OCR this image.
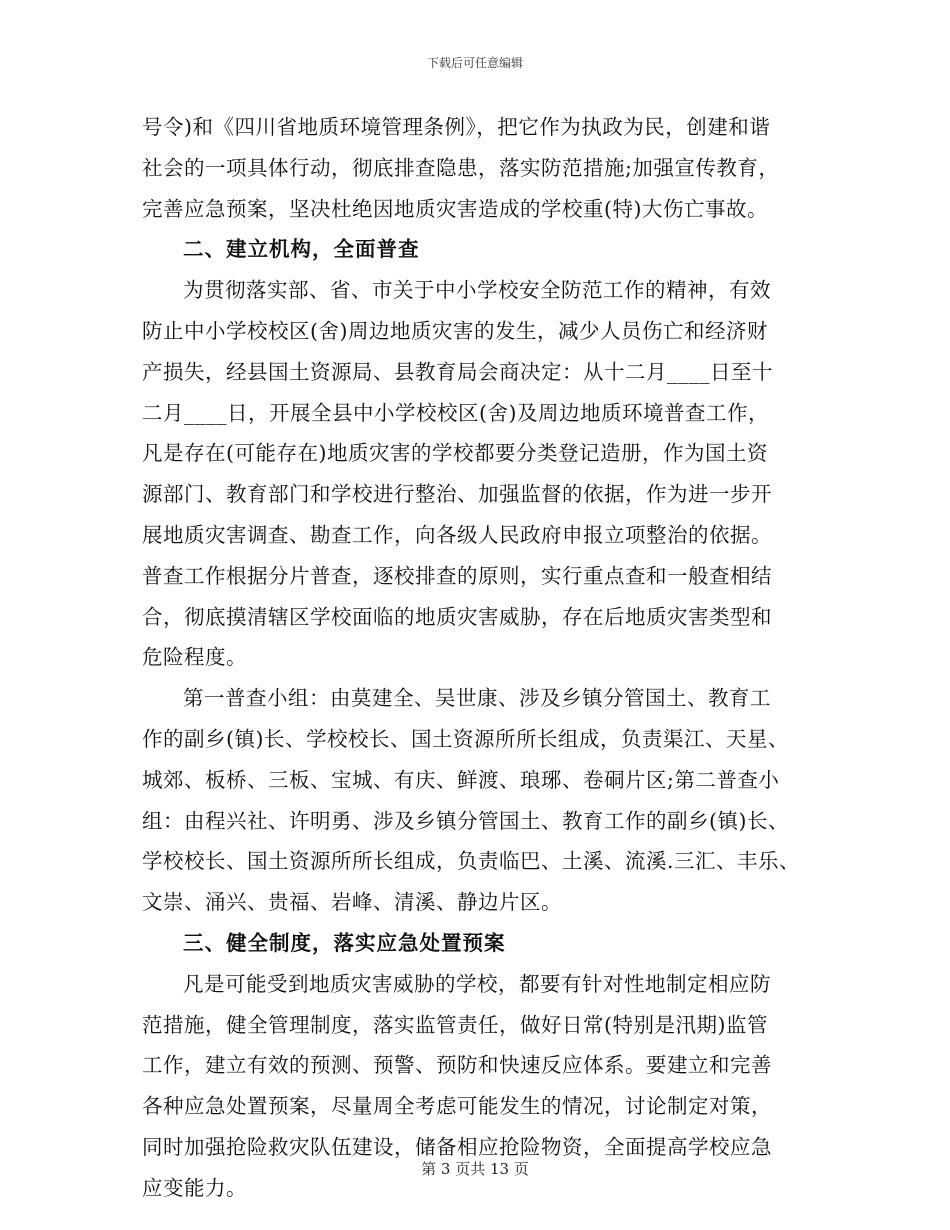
下载后可任意编辑
号令)和《四川省地质环境管理条例》，把它作为执政为民，创建和谐
社会的一项具体行动，彻底排查隐患，落实防范措施;加强宣传教育，
完善应急预案，坚决杜绝因地质灾害造成的学校重(特)大伤亡事故。
二、建立机构，全面普查
为贯彻落实部、省、市关于中小学校安全防范工作的精神，有效
防止中小学校校区(舍)周边地质灾害的发生，减少人员伤亡和经济财
产损失，经县国土资源局、县教育局会商决定：从十二月____日至十
二月____日，开展全县中小学校校区(舍)及周边地质环境普查工作，
凡是存在(可能存在)地质灾害的学校都要分类登记造册，作为国土资
源部门、教育部门和学校进行整治、加强监督的依据，作为进一步开
展地质灾害调查、勘查工作，向各级人民政府申报立项整治的依据。
普查工作根据分片普查，逐校排查的原则，实行重点查和一般查相结
合，彻底摸清辖区学校面临的地质灾害威胁，存在后地质灾害类型和
危险程度。
第一普查小组：由莫建全、吴世康、涉及乡镇分管国土、教育工
作的副乡(镇)长、学校校长、国土资源所所长组成，负责渠江、天星、
城郊、板桥、三板、宝城、有庆、鲜渡、琅琊、卷硐片区;第二普查小
组：由程兴社、许明勇、涉及乡镇分管国土、教育工作的副乡(镇)长、
学校校长、国土资源所所长组成，负责临巴、土溪、流溪.三汇、丰乐、
文崇、涌兴、贵福、岩峰、清溪、静边片区。
三、健全制度，落实应急处置预案
凡是可能受到地质灾害威胁的学校，都要有针对性地制定相应防
范措施，健全管理制度，落实监管责任，做好日常(特别是汛期)监管
工作，建立有效的预测、预警、预防和快速反应体系。要建立和完善
各种应急处置预案，尽量周全考虑可能发生的情况，讨论制定对策，
同时加强抢险救灾队伍建设，储备相应抢险物资，全面提高学校应急
应变能力。
第 3 页共 13 页
